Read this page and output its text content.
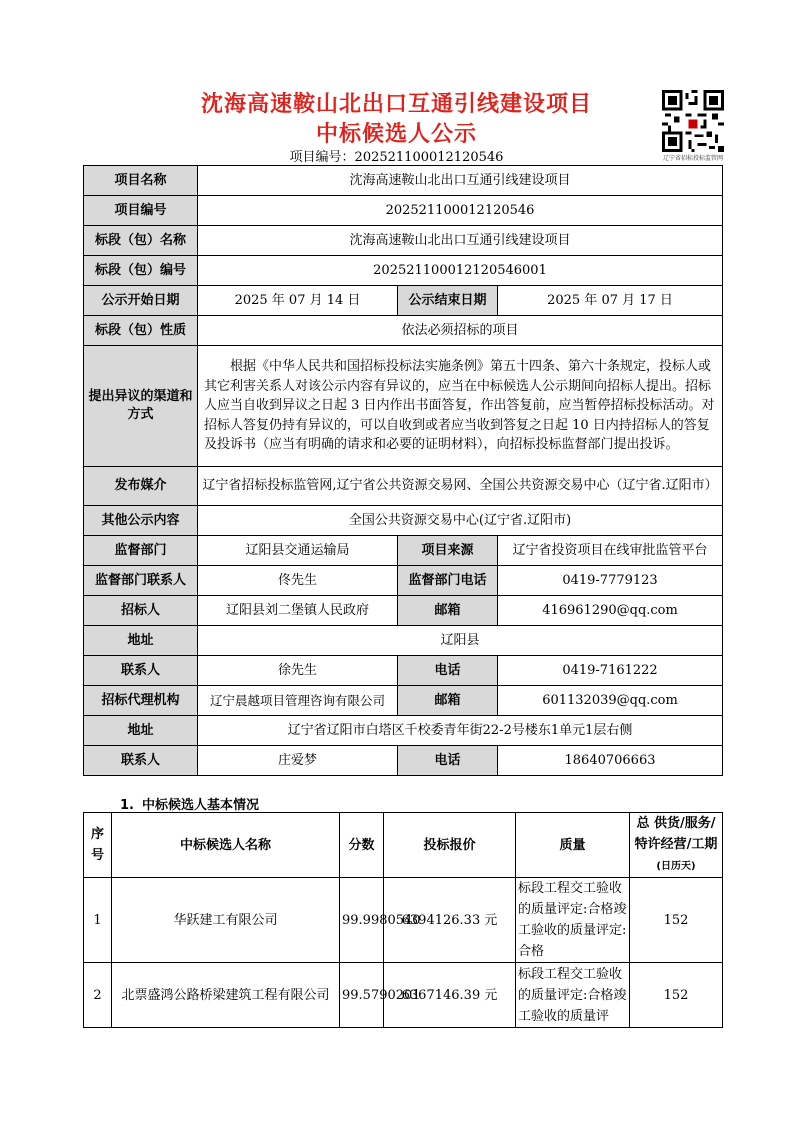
沈海高速鞍山北出口互通引线建设项目
中标候选人公示
项目编号：202521100012120546	辽宁省招标投标监管网
项目名称	沈海高速鞍山北出口互通引线建设项目		
项目编号	202521100012120546		
标段（包）名称	沈海高速鞍山北出口互通引线建设项目		
标段（包）编号	202521100012120546001		
公示开始日期	2025 年 07 月 14 日	公示结束日期	2025 年 07 月 17 日
标段（包）性质	依法必须招标的项目		
提出异议的渠道和方式	根据《中华人民共和国招标投标法实施条例》第五十四条、第六十条规定，投标人或其它利害关系人对该公示内容有异议的，应当在中标候选人公示期间向招标人提出。招标人应当自收到异议之日起 3 日内作出书面答复，作出答复前，应当暂停招标投标活动。对招标人答复仍持有异议的，可以自收到或者应当收到答复之日起 10 日内持招标人的答复及投诉书（应当有明确的请求和必要的证明材料），向招标投标监督部门提出投诉。		
发布媒介	辽宁省招标投标监管网,辽宁省公共资源交易网、全国公共资源交易中心（辽宁省.辽阳市）		
其他公示内容	全国公共资源交易中心(辽宁省.辽阳市)		
监督部门	辽阳县交通运输局	项目来源	辽宁省投资项目在线审批监管平台
监督部门联系人	佟先生	监督部门电话	0419-7779123
招标人	辽阳县刘二堡镇人民政府	邮箱	416961290@qq.com
地址	辽阳县		
联系人	徐先生	电话	0419-7161222
招标代理机构	辽宁晨越项目管理咨询有限公司	邮箱	601132039@qq.com
地址	辽宁省辽阳市白塔区千校委青年街22-2号楼东1单元1层右侧		
联系人	庄爱梦	电话	18640706663
1. 中标候选人基本情况
序号	中标候选人名称	分数	投标报价	质量	总 供货/服务/特许经营/工期(日历天)
1	华跃建工有限公司	99.9980540	6394126.33 元	标段工程交工验收的质量评定:合格竣工验收的质量评定:合格	152
2	北票盛鸿公路桥梁建筑工程有限公司	99.5790201	6367146.39 元	标段工程交工验收的质量评定:合格竣工验收的质量评	152
